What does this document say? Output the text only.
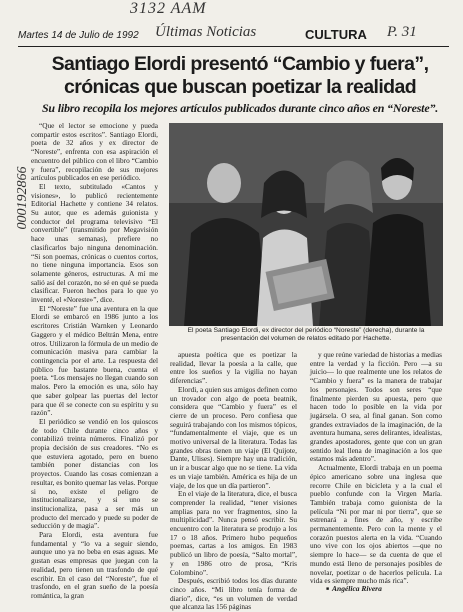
3132 AAM
Últimas Noticias	P. 31
000192866
Martes 14 de Julio de 1992	CULTURA
Santiago Elordi presentó “Cambio y fuera”,
crónicas que buscan poetizar la realidad
Su libro recopila los mejores artículos publicados durante cinco años en “Noreste”.

“Que el lector se emocione y pueda compartir estos escritos”. Santiago Elordi, poeta de 32 años y ex director de “Noreste”, enfrenta con esa aspiración el encuentro del público con el libro “Cambio y fuera”, recopilación de sus mejores artículos publicados en ese periódico.

El texto, subtitulado «Cantos y visiones», lo publicó recientemente Editorial Hachette y contiene 34 relatos. Su autor, que es además guionista y conductor del programa televisivo “El convertible” (transmitido por Megavisión hace unas semanas), prefiere no clasificarlos bajo ninguna denominación. “Si son poemas, crónicas o cuentos cortos, no tiene ninguna importancia. Esos son solamente géneros, estructuras. A mí me salió así del corazón, no sé en qué se pueda clasificar. Fueron hechos para lo que yo inventé, el «Noreste»”, dice.

El “Noreste” fue una aventura en la que Elordi se embarcó en 1986 junto a los escritores Cristián Warnken y Leonardo Gaggero y el médico Beltrán Mena, entre otros. Utilizaron la fórmula de un medio de comunicación masiva para cambiar la contingencia por el arte. La respuesta del público fue bastante buena, cuenta el poeta. “Los mensajes no llegan cuando son malos. Pero la emoción es una, sólo hay que saber golpear las puertas del lector para que él se conecte con su espíritu y su razón”.

El periódico se vendió en los quioscos de todo Chile durante cinco años y contabilizó treinta números. Finalizó por propia decisión de sus creadores. “No es que estuviera agotado, pero en bueno también poner distancias con los proyectos. Cuando las cosas comienzan a resultar, es bonito quemar las velas. Porque si no, existe el peligro de institucionalizarse, y si uno se institucionaliza, pasa a ser más un producto del mercado y puede su poder de seducción y de magia”.

Para Elordi, esta aventura fue fundamental y “lo va a seguir siendo, aunque uno ya no beba en esas aguas. Me gustan esas empresas que juegan con la realidad, pero tienen un trasfondo de qué escribir. En el caso del “Noreste”, fue el trasfondo, en el gran sueño de la poesía romántica, la gran

El poeta Santiago Elordi, ex director del periódico “Noreste” (derecha), durante la presentación del volumen de relatos editado por Hachette.

apuesta poética que es poetizar la realidad, llevar la poesía a la calle, que entre los sueños y la vigilia no hayan diferencias”.

Elordi, a quien sus amigos definen como un trovador con algo de poeta beatnik, considera que “Cambio y fuera” es el cierre de un proceso. Pero confiesa que seguirá trabajando con los mismos tópicos, “fundamentalmente el viaje, que es un motivo universal de la literatura. Todas las grandes obras tienen un viaje (El Quijote, Dante, Ulises). Siempre hay una tradición, un ir a buscar algo que no se tiene. La vida es un viaje también. América es hija de un viaje, de los que un día partieron”.

En el viaje de la literatura, dice, el busca comprender la realidad, “tener visiones amplias para no ver fragmentos, sino la multiplicidad”. Nunca pensó escribir. Su encuentro con la literatura se produjo a los 17 o 18 años. Primero hubo pequeños poemas, cartas a los amigos. En 1983 publicó un libro de poesía, “Salto mortal”, y en 1986 otro de prosa, “Kris Colombino”.

Después, escribió todos los días durante cinco años. “Mi libro tenía forma de diario”, dice, “es un volumen de verdad que alcanza las 156 páginas

y que reúne variedad de historias a medias entre la verdad y la ficción. Pero —a su juicio— lo que realmente une los relatos de “Cambio y fuera” es la manera de trabajar los personajes. Todos son seres “que finalmente pierden su apuesta, pero que hacen todo lo posible en la vida por jugársela. O sea, al final ganan. Son como grandes extraviados de la imaginación, de la aventura humana, seres delirantes, idealistas, grandes apostadores, gente que con un gran sentido leal llena de imaginación a los que estamos más adentro”.

Actualmente, Elordi trabaja en un poema épico americano sobre una inglesa que recorre Chile en bicicleta y a la cual el pueblo confunde con la Virgen María. También trabaja como guionista de la película “Ni por mar ni por tierra”, que se estrenará a fines de año, y escribe permanentemente. Pero con la mente y el corazón puestos alerta en la vida. “Cuando uno vive con los ojos abiertos —que no siempre lo hace— se da cuenta de que el mundo está lleno de personajes posibles de novelar, poetizar o de hacerlos película. La vida es siempre mucho más rica”.

■ Angélica Rivera
